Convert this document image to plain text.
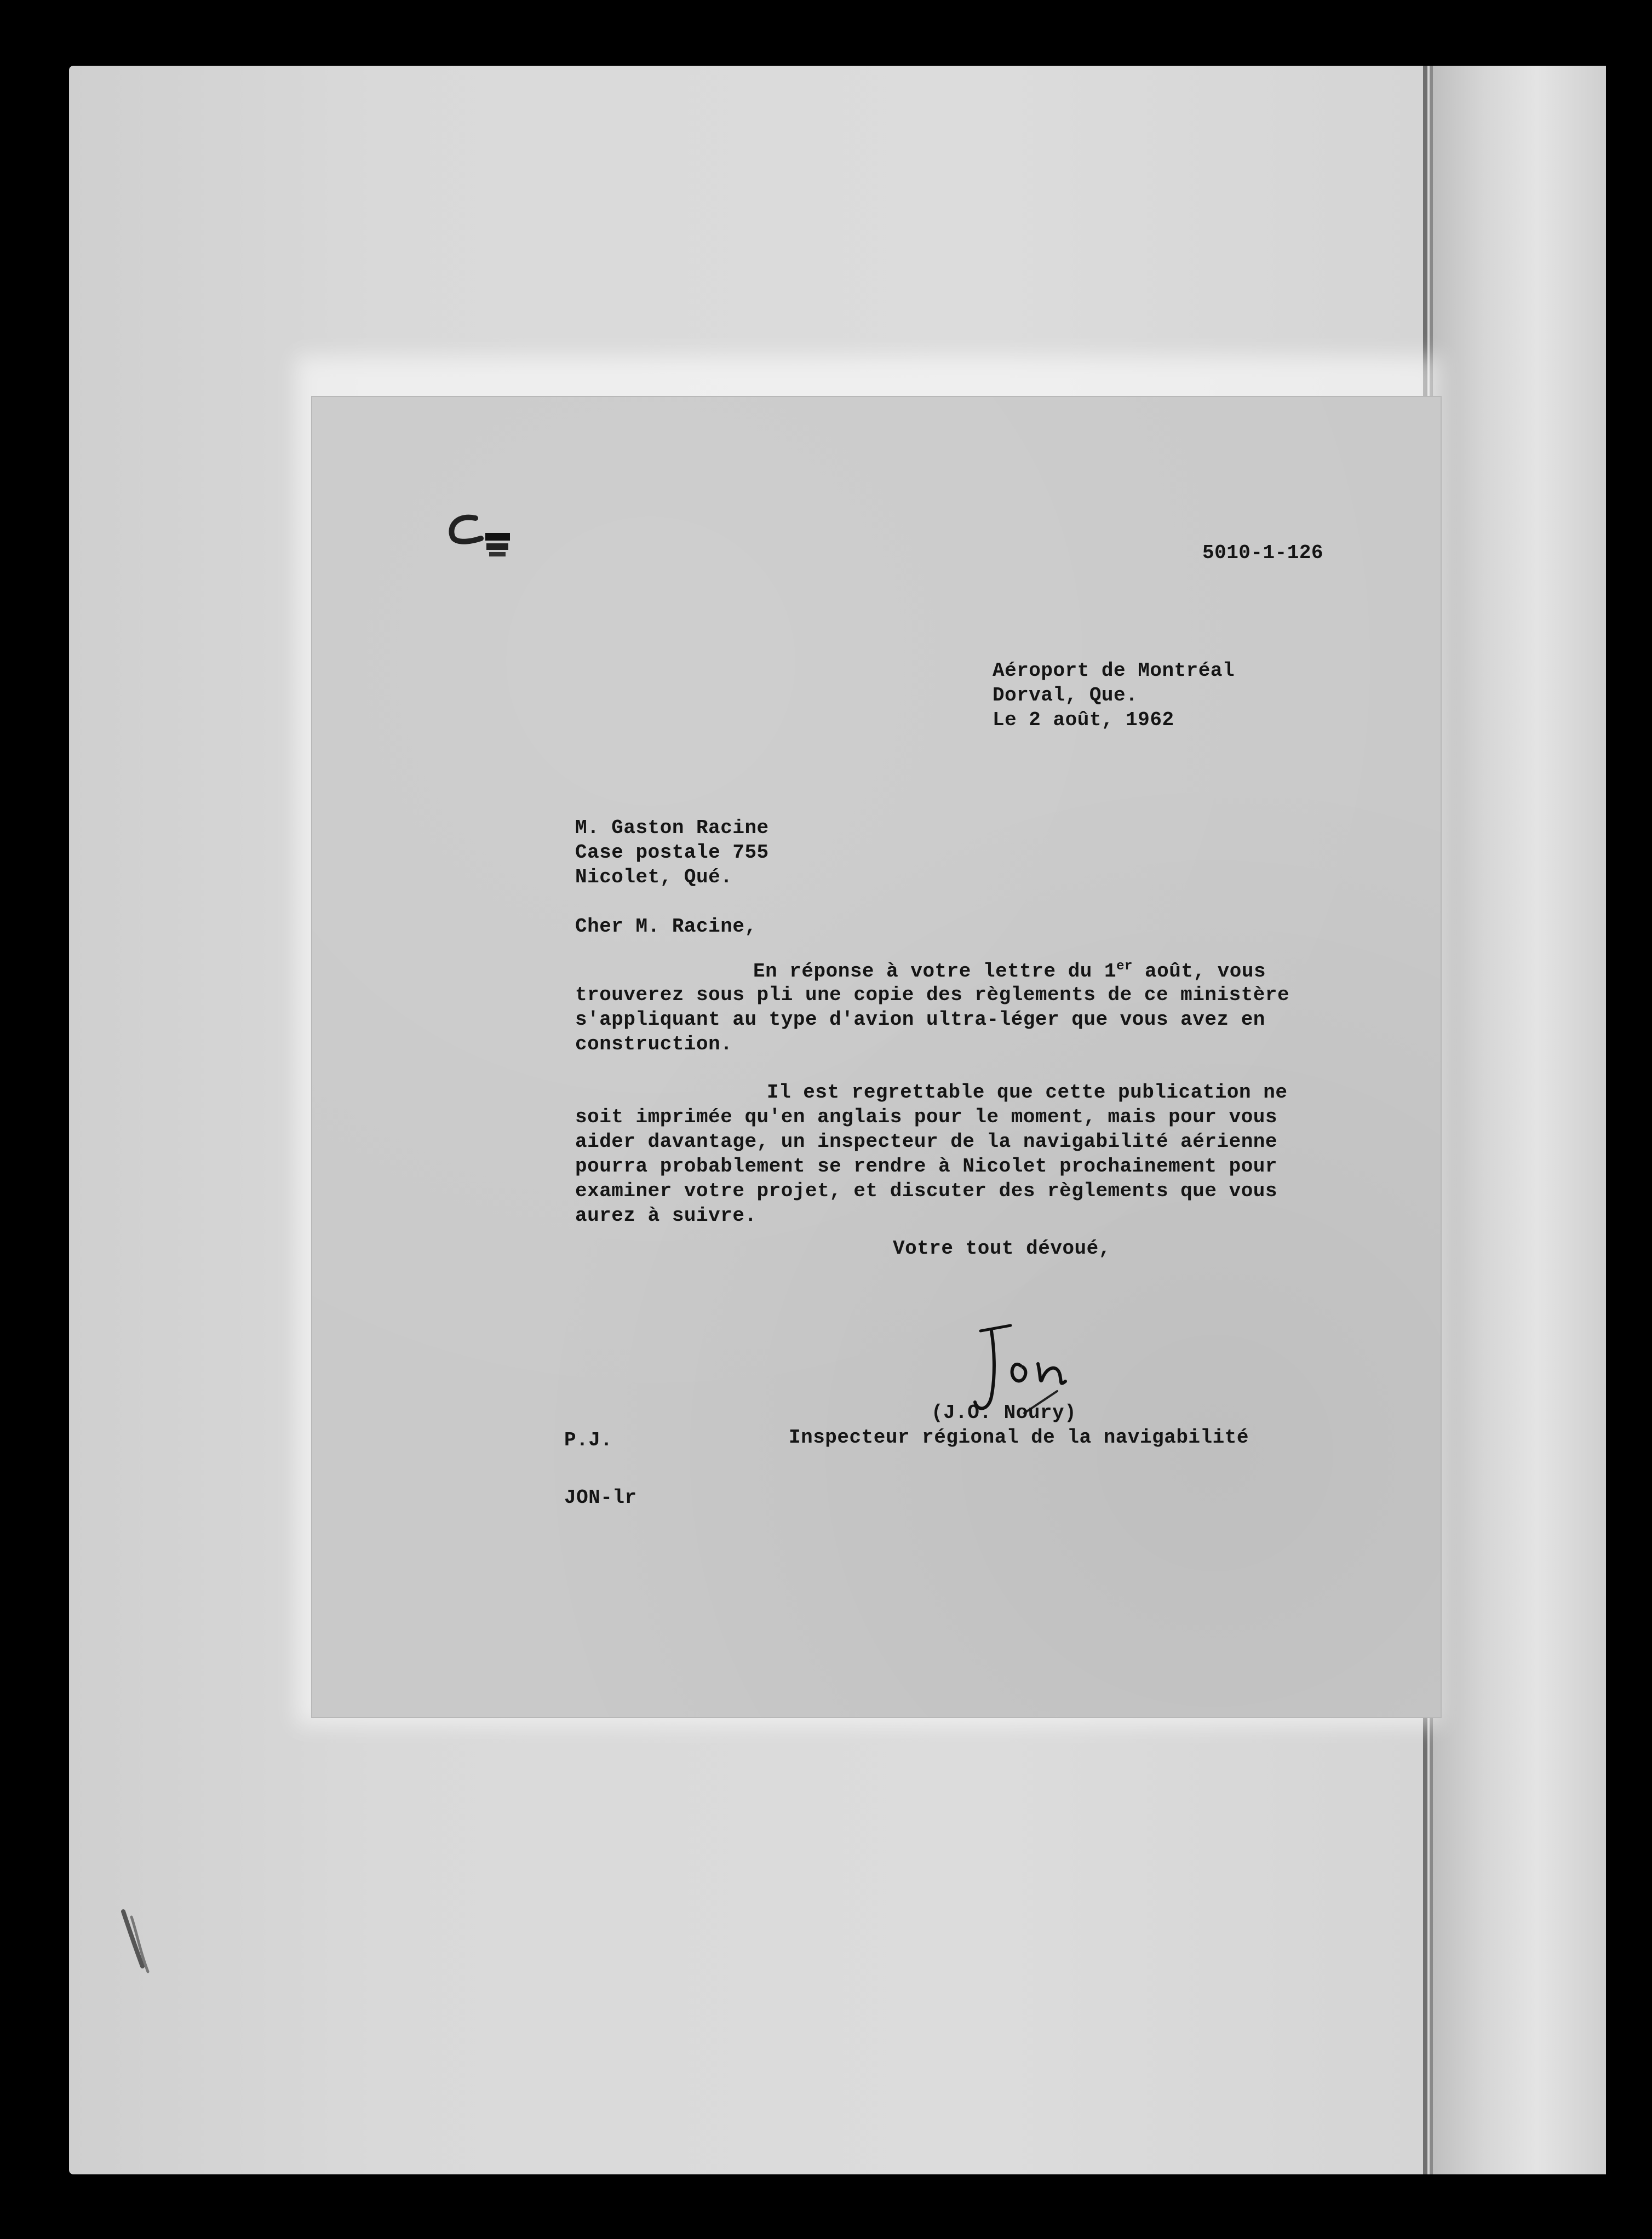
5010-1-126
Aéroport de Montréal
Dorval, Que.
Le 2 août, 1962
M. Gaston Racine
Case postale 755
Nicolet, Qué.
Cher M. Racine,
En réponse à votre lettre du 1er août, vous
trouverez sous pli une copie des règlements de ce ministère
s'appliquant au type d'avion ultra-léger que vous avez en
construction.
Il est regrettable que cette publication ne
soit imprimée qu'en anglais pour le moment, mais pour vous
aider davantage, un inspecteur de la navigabilité aérienne
pourra probablement se rendre à Nicolet prochainement pour
examiner votre projet, et discuter des règlements que vous
aurez à suivre.
Votre tout dévoué,
(J.O. Noury)
Inspecteur régional de la navigabilité
P.J.
JON-lr
